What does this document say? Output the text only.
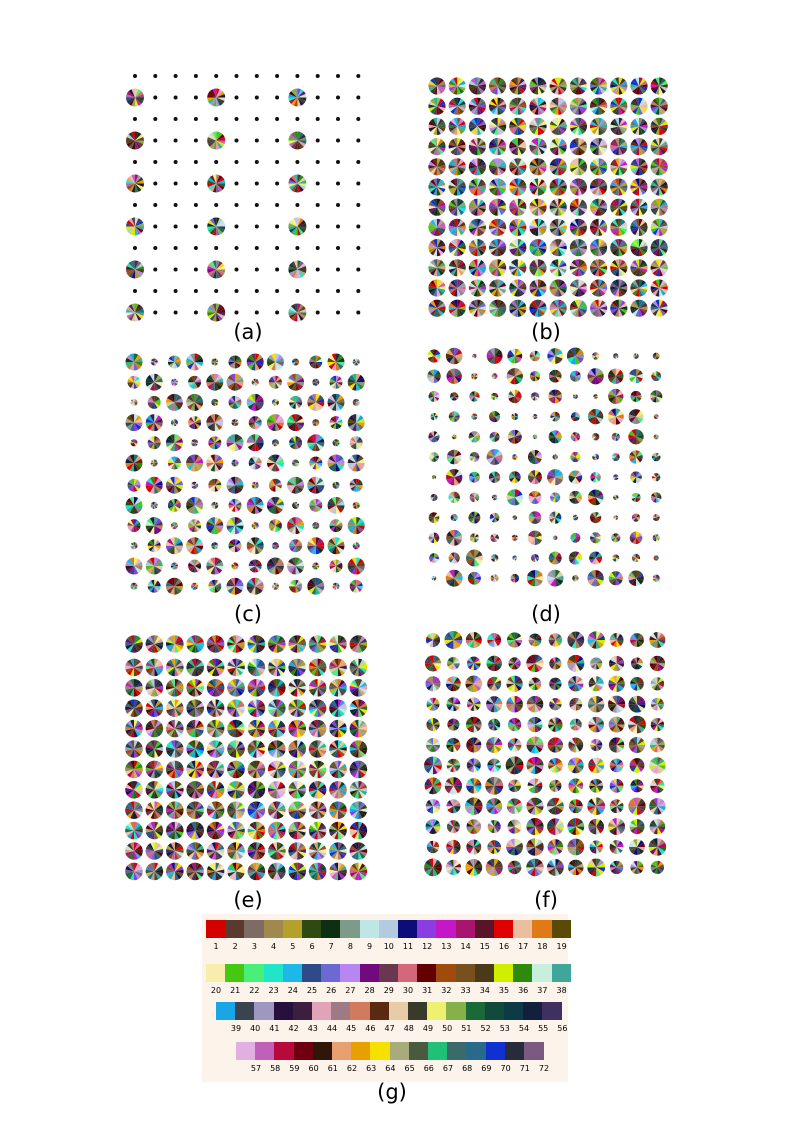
(a)	(b)
(c)	(d)
(e)	(f)
1	2	3	4	5	6	7	8	9	10	11	12	13	14	15	16	17	18	19
20	21	22	23	24	25	26	27	28	29	30	31	32	33	34	35	36	37	38
39	40	41	42	43	44	45	46	47	48	49	50	51	52	53	54	55	56
57	58	59	60	61	62	63	64	65	66	67	68	69	70	71	72
(g)
